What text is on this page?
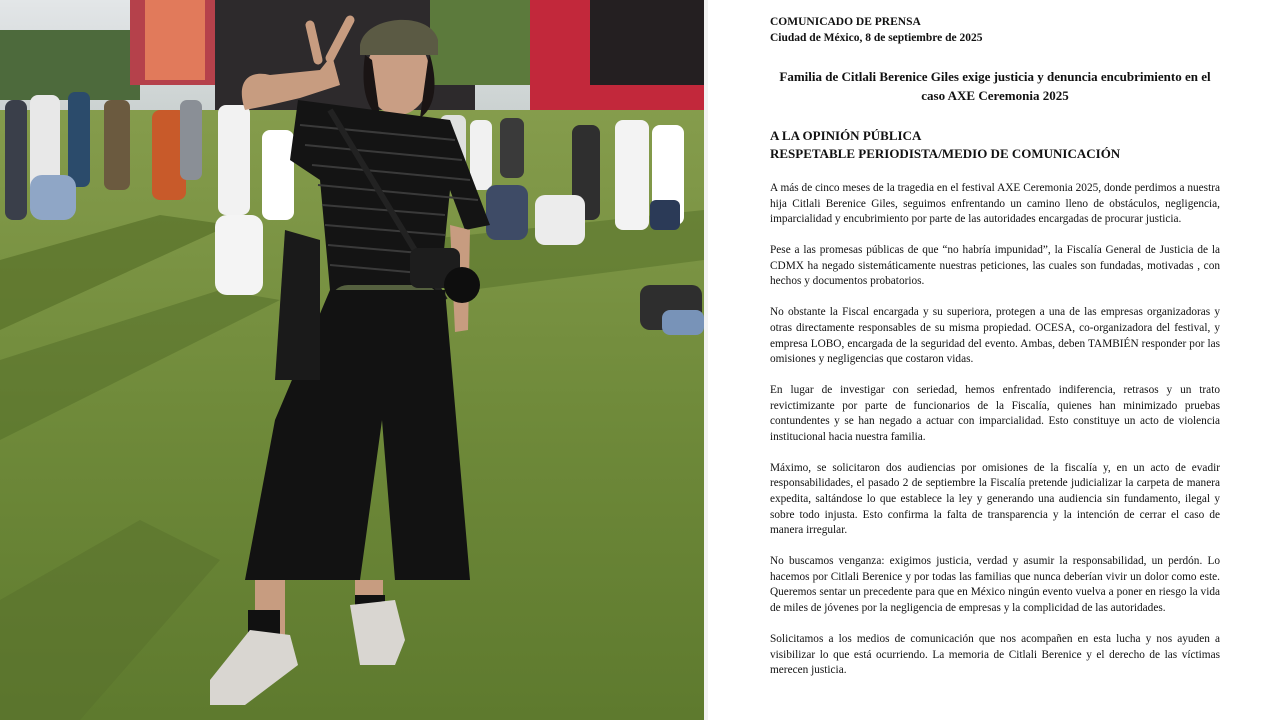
COMUNICADO DE PRENSA

Ciudad de México, 8 de septiembre de 2025

Familia de Citlali Berenice Giles exige justicia y denuncia encubrimiento en el caso AXE Ceremonia 2025

A LA OPINIÓN PÚBLICA

RESPETABLE PERIODISTA/MEDIO DE COMUNICACIÓN

A más de cinco meses de la tragedia en el festival AXE Ceremonia 2025, donde perdimos a nuestra hija Citlali Berenice Giles, seguimos enfrentando un camino lleno de obstáculos, negligencia, imparcialidad y encubrimiento por parte de las autoridades encargadas de procurar justicia.

Pese a las promesas públicas de que “no habría impunidad”, la Fiscalía General de Justicia de la CDMX ha negado sistemáticamente nuestras peticiones, las cuales son fundadas, motivadas , con hechos y documentos probatorios.

No obstante la Fiscal encargada y su superiora, protegen a una de las empresas organizadoras y otras directamente responsables de su misma propiedad. OCESA, co-organizadora del festival, y empresa LOBO, encargada de la seguridad del evento. Ambas, deben TAMBIÉN responder por las omisiones y negligencias que costaron vidas.

En lugar de investigar con seriedad, hemos enfrentado indiferencia, retrasos y un trato revictimizante por parte de funcionarios de la Fiscalía, quienes han minimizado pruebas contundentes y se han negado a actuar con imparcialidad. Esto constituye un acto de violencia institucional hacia nuestra familia.

Máximo, se solicitaron dos audiencias por omisiones de la fiscalía y, en un acto de evadir responsabilidades, el pasado 2 de septiembre la Fiscalía pretende judicializar la carpeta de manera expedita, saltándose lo que establece la ley y generando una audiencia sin fundamento, ilegal y sobre todo injusta. Esto confirma la falta de transparencia y la intención de cerrar el caso de manera irregular.

No buscamos venganza: exigimos justicia, verdad y asumir la responsabilidad, un perdón. Lo hacemos por Citlali Berenice y por todas las familias que nunca deberían vivir un dolor como este. Queremos sentar un precedente para que en México ningún evento vuelva a poner en riesgo la vida de miles de jóvenes por la negligencia de empresas y la complicidad de las autoridades.

Solicitamos a los medios de comunicación que nos acompañen en esta lucha y nos ayuden a visibilizar lo que está ocurriendo. La memoria de Citlali Berenice y el derecho de las víctimas merecen justicia.
